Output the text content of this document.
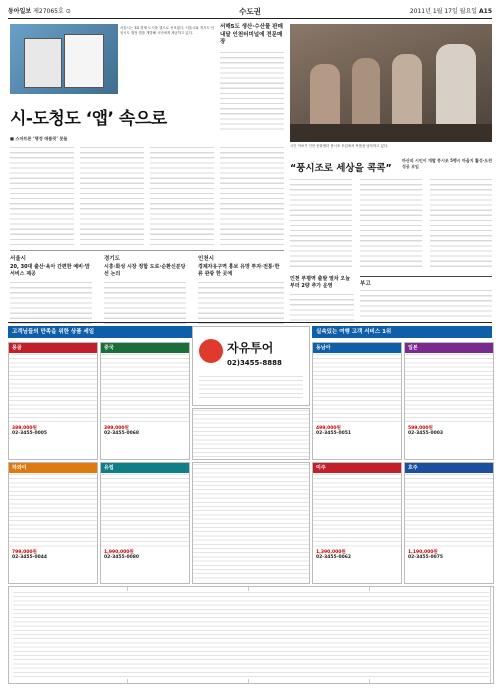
동아일보 제27065호 ⊙	수도권	2011년 1월 17일 월요일 A15
서울시는 3D 경제 도시를 앱으로 선보였다. 서울시와 경기도·인천시도 행정 앱을 개발해 시민에게 제공하고 있다.
시-도청도 ‘앱’ 속으로
■ 스마트폰 ‘행정 애플릿’ 봇물
서울시
20, 30대 출산·육아 간편한 예비·맘 서비스 제공
경기도
시흥·화성 시장 정합 도로·순환신분당선 논의
인천시
경제자유구역 홍보 유망 투자·전통·한류 관광 한 곳에
서해5도 생산·수산물 판매 내달 인천터미널에 전문매장
시인 이씨가 인천 문화센터 풍시조 모임에서 작품을 낭독하고 있다.
“풍시조로 세상을 콕콕”
마산의 시인이 개발 풍시조 5행시 마을지 활성·도전 성공 모임
인천 부평역 출발 열차 오늘부터 2량 추가 운영	부고
고객님들의 만족을 위한 상품 세일	실속있는 여행 고객 서비스 1위
자유투어
02)3455-8888
몽골
389,000원
02-3455-0005
중국
399,000원
02-3455-0068
동남아
499,000원
02-3455-0051
일본
599,000원
02-3455-0003
하와이
799,000원
02-3455-0044
유럽
1,990,000원
02-3455-0080
미주
1,390,000원
02-3455-0062
호주
1,190,000원
02-3455-0075
